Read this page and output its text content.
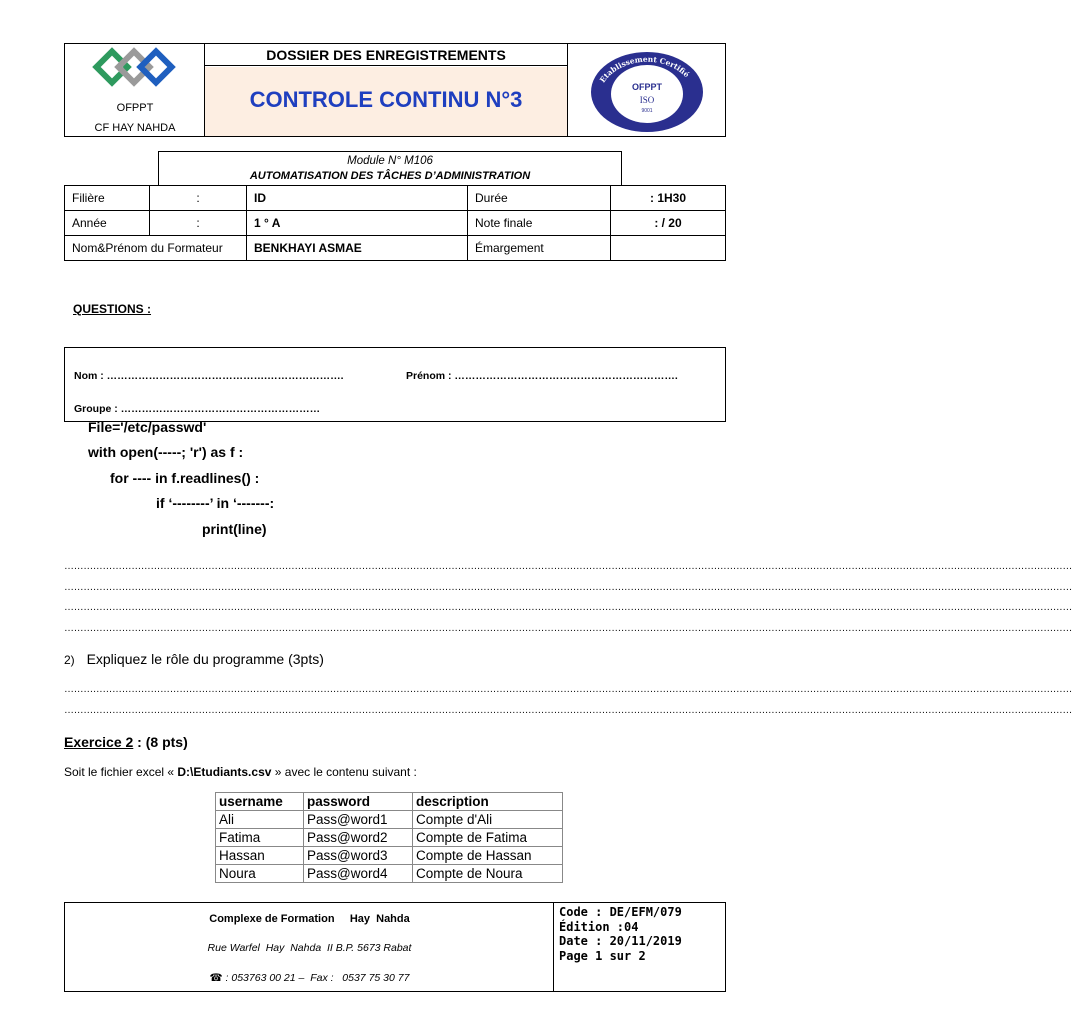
OFPPT
CF HAY NAHDA
DOSSIER DES ENREGISTREMENTS
CONTROLE CONTINU N°3
Etablissement Certifié
OFPPT
ISO
9001
Module N° M106
AUTOMATISATION DES TÂCHES D’ADMINISTRATION
Filière	:	ID	Durée	: 1H30
Année	:	1 ° A	Note finale	: / 20
Nom&Prénom du Formateur		BENKHAYI ASMAE	Émargement	
QUESTIONS :
Nom : ……………………………………….………………….	Prénom : ……………………………………………………….
Groupe : …………………………………………………
File='/etc/passwd'
with open(-----; 'r') as f :
for ---- in f.readlines() :
if ‘--------’ in ‘-------:
print(line)
………………………………………………………………………………………………………………………………………………………………………………………………………………………………………………………………………………………
………………………………………………………………………………………………………………………………………………………………………………………………………………………………………………………………………………………
………………………………………………………………………………………………………………………………………………………………………………………………………………………………………………………………………………………
………………………………………………………………………………………………………………………………………………………………………………………………………………………………………………………………………………………
2) Expliquez le rôle du programme (3pts)
………………………………………………………………………………………………………………………………………………………………………………………………………………………………………………………………………………………
………………………………………………………………………………………………………………………………………………………………………………………………………………………………………………………………………………………
Exercice 2 : (8 pts)
Soit le fichier excel « D:\Etudiants.csv » avec le contenu suivant :
username	password	description
Ali	Pass@word1	Compte d'Ali
Fatima	Pass@word2	Compte de Fatima
Hassan	Pass@word3	Compte de Hassan
Noura	Pass@word4	Compte de Noura
Complexe de Formation     Hay  Nahda
Rue Warfel  Hay  Nahda  II B.P. 5673 Rabat
☎ : 053763 00 21 –  Fax :   0537 75 30 77
Code : DE/EFM/079
Édition :04
Date : 20/11/2019
Page 1 sur 2
